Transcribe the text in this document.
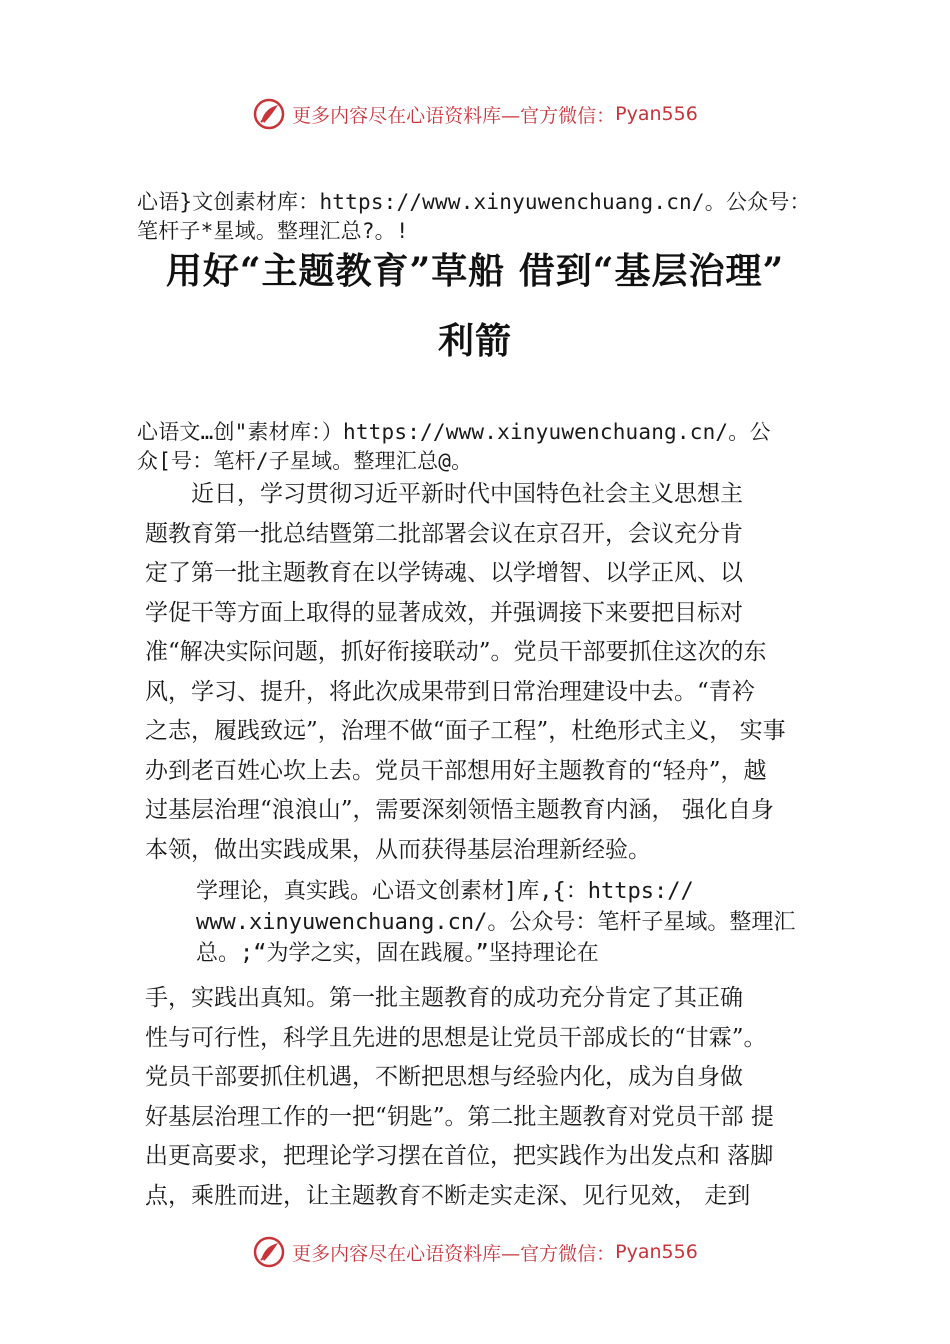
更多内容尽在心语资料库—官方微信： Pyan556
心语}文创素材库：https://www.xinyuwenchuang.cn/。公众号：
笔杆子*星域。整理汇总?。!
用好“主题教育”草船 借到“基层治理”
利箭
心语文…创"素材库：）https://www.xinyuwenchuang.cn/。公
众[号：笔杆/子星域。整理汇总@。
　　近日，学习贯彻习近平新时代中国特色社会主义思想主
题教育第一批总结暨第二批部署会议在京召开，会议充分肯
定了第一批主题教育在以学铸魂、以学增智、以学正风、以
学促干等方面上取得的显著成效，并强调接下来要把目标对
准“解决实际问题，抓好衔接联动”。党员干部要抓住这次的东
风，学习、提升，将此次成果带到日常治理建设中去。“青衿
之志，履践致远”，治理不做“面子工程”，杜绝形式主义， 实事
办到老百姓心坎上去。党员干部想用好主题教育的“轻舟”，越
过基层治理“浪浪山”，需要深刻领悟主题教育内涵， 强化自身
本领，做出实践成果，从而获得基层治理新经验。
学理论，真实践。心语文创素材]库,{：https://
www.xinyuwenchuang.cn/。公众号：笔杆子星域。整理汇
总。;“为学之实，固在践履。”坚持理论在
手，实践出真知。第一批主题教育的成功充分肯定了其正确
性与可行性，科学且先进的思想是让党员干部成长的“甘霖”。
党员干部要抓住机遇，不断把思想与经验内化，成为自身做
好基层治理工作的一把“钥匙”。第二批主题教育对党员干部 提
出更高要求，把理论学习摆在首位，把实践作为出发点和 落脚
点，乘胜而进，让主题教育不断走实走深、见行见效， 走到
更多内容尽在心语资料库—官方微信： Pyan556
